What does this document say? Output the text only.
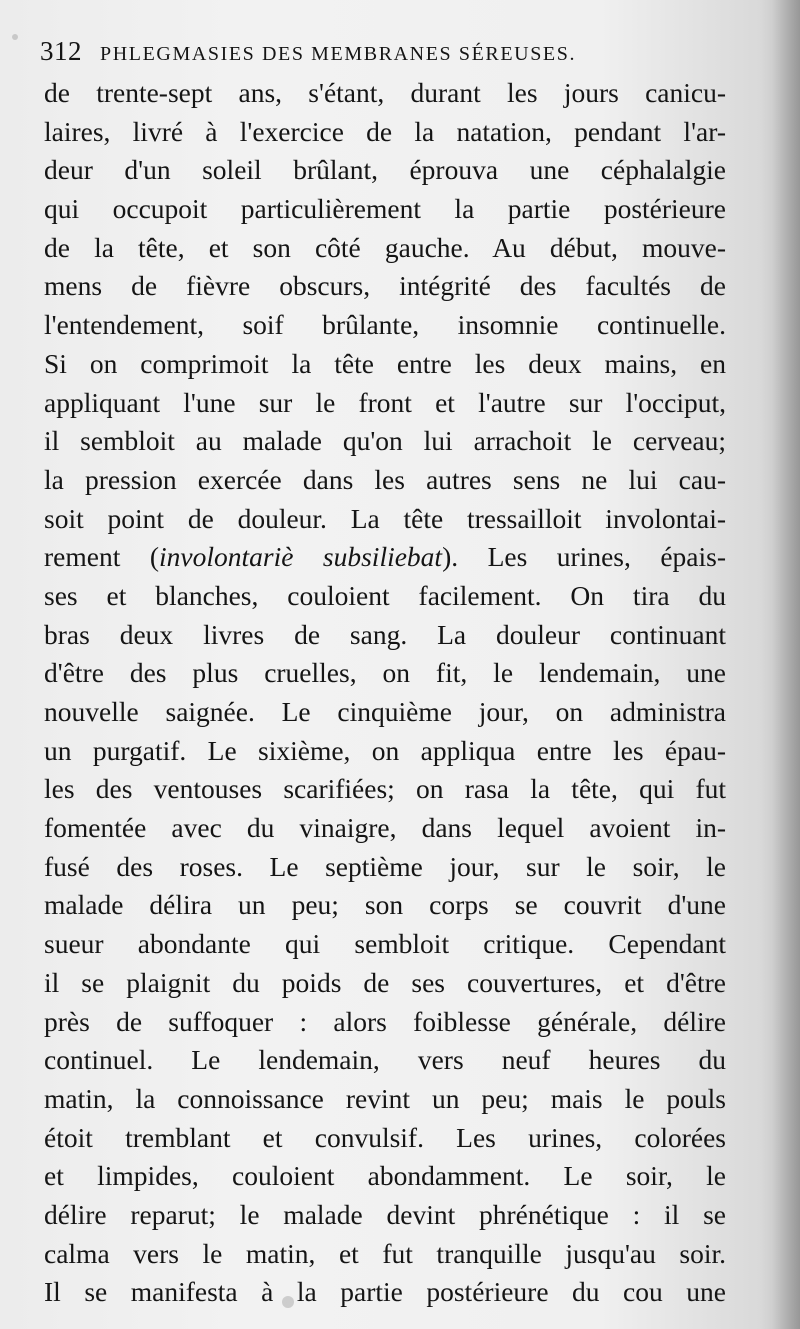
312 PHLEGMASIES DES MEMBRANES SÉREUSES.
de trente-sept ans, s'étant, durant les jours canicu-
laires, livré à l'exercice de la natation, pendant l'ar-
deur d'un soleil brûlant, éprouva une céphalalgie
qui occupoit particulièrement la partie postérieure
de la tête, et son côté gauche. Au début, mouve-
mens de fièvre obscurs, intégrité des facultés de
l'entendement, soif brûlante, insomnie continuelle.
Si on comprimoit la tête entre les deux mains, en
appliquant l'une sur le front et l'autre sur l'occiput,
il sembloit au malade qu'on lui arrachoit le cerveau;
la pression exercée dans les autres sens ne lui cau-
soit point de douleur. La tête tressailloit involontai-
rement (involontariè subsiliebat). Les urines, épais-
ses et blanches, couloient facilement. On tira du
bras deux livres de sang. La douleur continuant
d'être des plus cruelles, on fit, le lendemain, une
nouvelle saignée. Le cinquième jour, on administra
un purgatif. Le sixième, on appliqua entre les épau-
les des ventouses scarifiées; on rasa la tête, qui fut
fomentée avec du vinaigre, dans lequel avoient in-
fusé des roses. Le septième jour, sur le soir, le
malade délira un peu; son corps se couvrit d'une
sueur abondante qui sembloit critique. Cependant
il se plaignit du poids de ses couvertures, et d'être
près de suffoquer : alors foiblesse générale, délire
continuel. Le lendemain, vers neuf heures du
matin, la connoissance revint un peu; mais le pouls
étoit tremblant et convulsif. Les urines, colorées
et limpides, couloient abondamment. Le soir, le
délire reparut; le malade devint phrénétique : il se
calma vers le matin, et fut tranquille jusqu'au soir.
Il se manifesta à la partie postérieure du cou une
